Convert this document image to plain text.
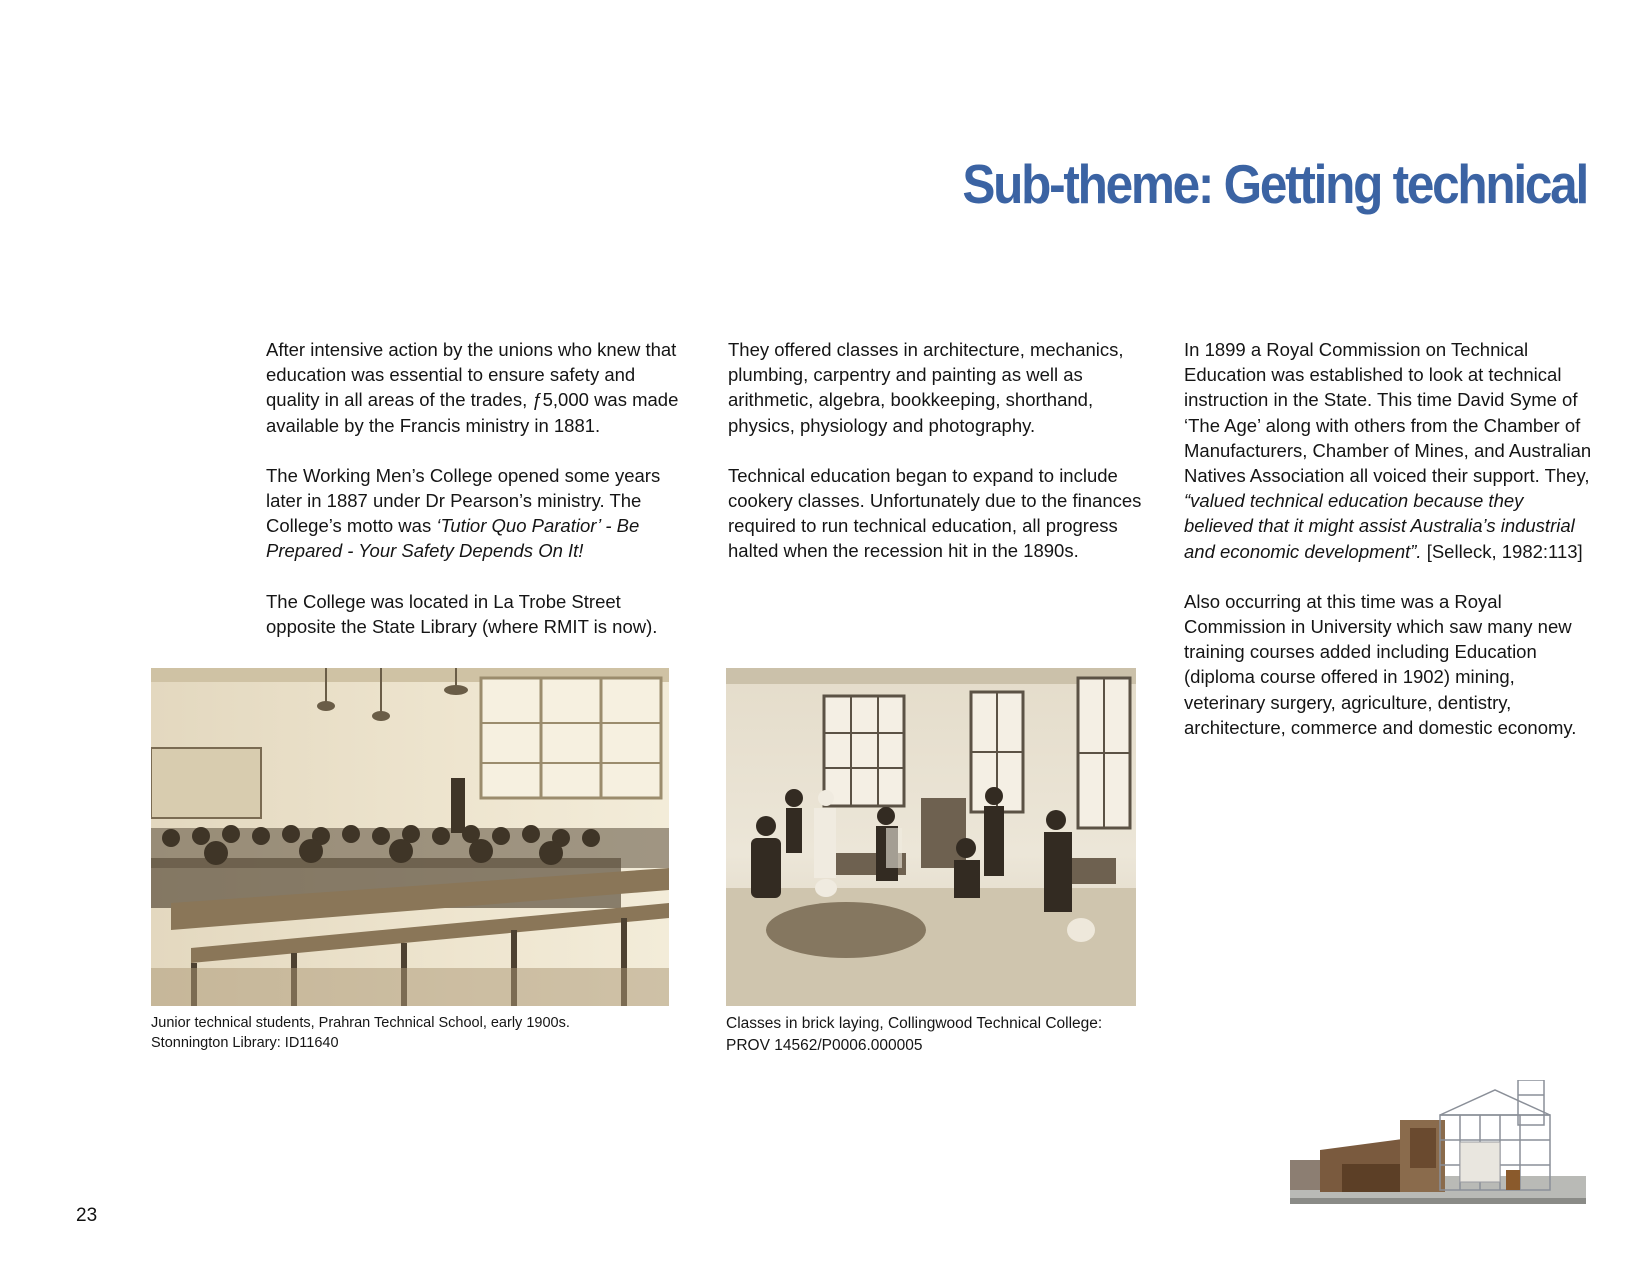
Sub-theme: Getting technical

After intensive action by the unions who knew that education was essential to ensure safety and quality in all areas of the trades, ƒ5,000 was made available by the Francis ministry in 1881.

The Working Men’s College opened some years later in 1887 under Dr Pearson’s ministry. The College’s motto was ‘Tutior Quo Paratior’ - Be Prepared - Your Safety Depends On It!

The College was located in La Trobe Street opposite the State Library (where RMIT is now).

They offered classes in architecture, mechanics, plumbing, carpentry and painting as well as arithmetic, algebra, bookkeeping, shorthand, physics, physiology and photography.

Technical education began to expand to include cookery classes. Unfortunately due to the finances required to run technical education, all progress halted when the recession hit in the 1890s.

In 1899 a Royal Commission on Technical Education was established to look at technical instruction in the State. This time David Syme of ‘The Age’ along with others from the Chamber of Manufacturers, Chamber of Mines, and Australian Natives Association all voiced their support. They, “valued technical education because they believed that it might assist Australia’s industrial and economic development”. [Selleck, 1982:113]

Also occurring at this time was a Royal Commission in University which saw many new training courses added including Education (diploma course offered in 1902) mining, veterinary surgery, agriculture, dentistry, architecture, commerce and domestic economy.

Junior technical students, Prahran Technical School, early 1900s.
Stonnington Library: ID11640
Classes in brick laying, Collingwood Technical College: PROV 14562/P0006.000005
23
